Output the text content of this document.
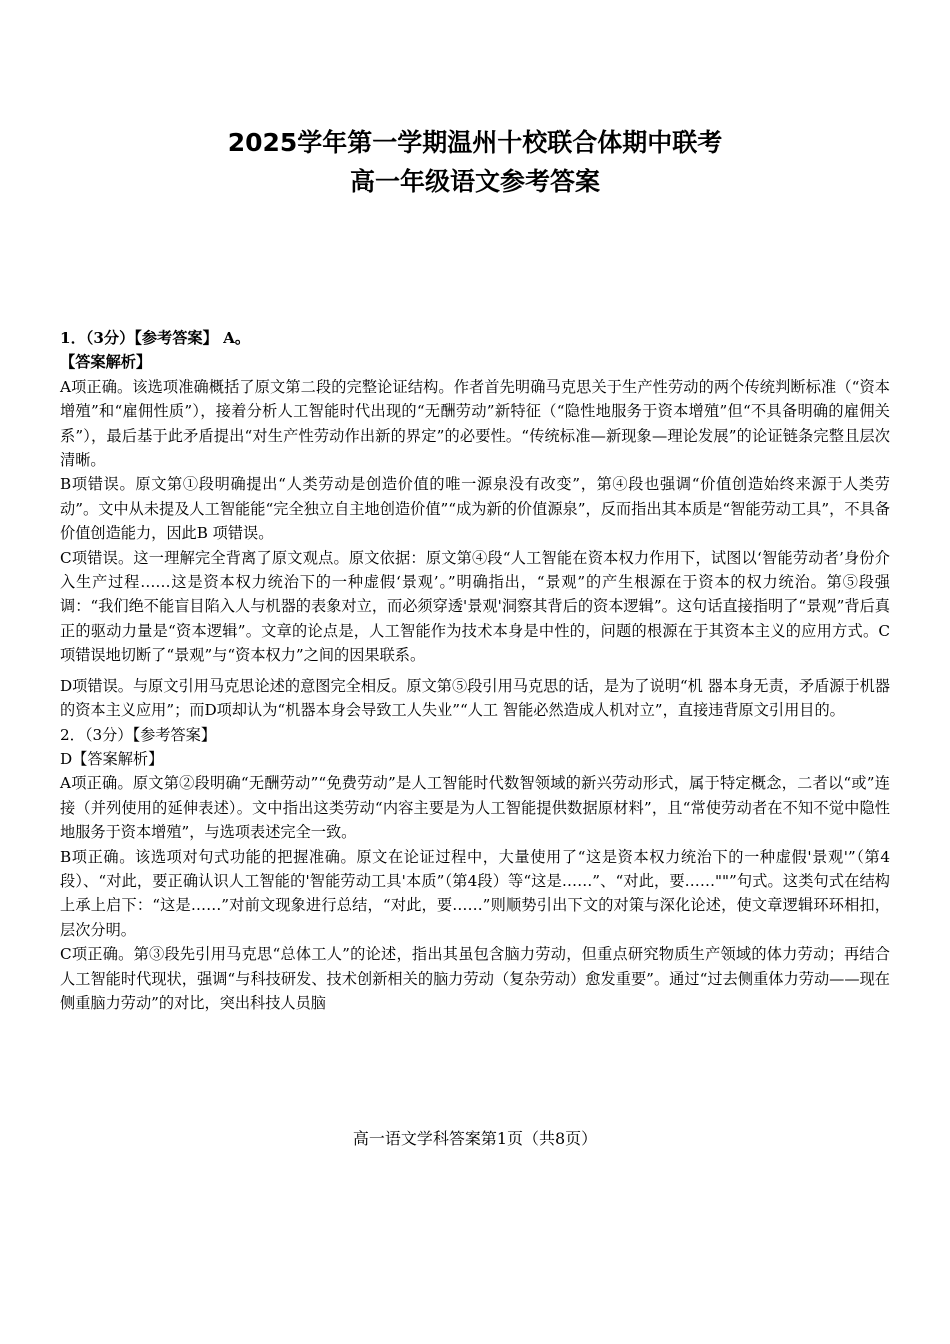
2025学年第一学期温州十校联合体期中联考
高一年级语文参考答案

1．（3分）【参考答案】 A。

【答案解析】

A项正确。该选项准确概括了原文第二段的完整论证结构。作者首先明确马克思关于生产性劳动的两个传统判断标准（“资本增殖”和“雇佣性质”），接着分析人工智能时代出现的“无酬劳动”新特征（“隐性地服务于资本增殖”但“不具备明确的雇佣关系”），最后基于此矛盾提出“对生产性劳动作出新的界定”的必要性。“传统标准—新现象—理论发展”的论证链条完整且层次清晰。

B项错误。原文第①段明确提出“人类劳动是创造价值的唯一源泉没有改变”，第④段也强调“价值创造始终来源于人类劳动”。文中从未提及人工智能能“完全独立自主地创造价值”“成为新的价值源泉”，反而指出其本质是“智能劳动工具”，不具备价值创造能力，因此B 项错误。

C项错误。这一理解完全背离了原文观点。原文依据：原文第④段“人工智能在资本权力作用下，试图以‘智能劳动者’身份介入生产过程……这是资本权力统治下的一种虚假‘景观’。”明确指出，“景观”的产生根源在于资本的权力统治。第⑤段强调：“我们绝不能盲目陷入人与机器的表象对立，而必须穿透'景观'洞察其背后的资本逻辑”。这句话直接指明了“景观”背后真正的驱动力量是“资本逻辑”。文章的论点是，人工智能作为技术本身是中性的，问题的根源在于其资本主义的应用方式。C项错误地切断了“景观”与“资本权力”之间的因果联系。

D项错误。与原文引用马克思论述的意图完全相反。原文第⑤段引用马克思的话，是为了说明“机 器本身无责，矛盾源于机器的资本主义应用”；而D项却认为“机器本身会导致工人失业”“人工 智能必然造成人机对立”，直接违背原文引用目的。

2．（3分）【参考答案】

D【答案解析】

A项正确。原文第②段明确“无酬劳动”“免费劳动”是人工智能时代数智领域的新兴劳动形式，属于特定概念，二者以“或”连接（并列使用的延伸表述）。文中指出这类劳动“内容主要是为人工智能提供数据原材料”，且“常使劳动者在不知不觉中隐性地服务于资本增殖”，与选项表述完全一致。

B项正确。该选项对句式功能的把握准确。原文在论证过程中，大量使用了“这是资本权力统治下的一种虚假'景观'”（第4段）、“对此，要正确认识人工智能的'智能劳动工具'本质”（第4段）等“这是……”、“对此，要……""”句式。这类句式在结构上承上启下：“这是……”对前文现象进行总结，“对此，要……”则顺势引出下文的对策与深化论述，使文章逻辑环环相扣，层次分明。

C项正确。第③段先引用马克思“总体工人”的论述，指出其虽包含脑力劳动，但重点研究物质生产领域的体力劳动；再结合人工智能时代现状，强调“与科技研发、技术创新相关的脑力劳动（复杂劳动）愈发重要”。通过“过去侧重体力劳动——现在侧重脑力劳动”的对比，突出科技人员脑

高一语文学科答案第1页（共8页）
